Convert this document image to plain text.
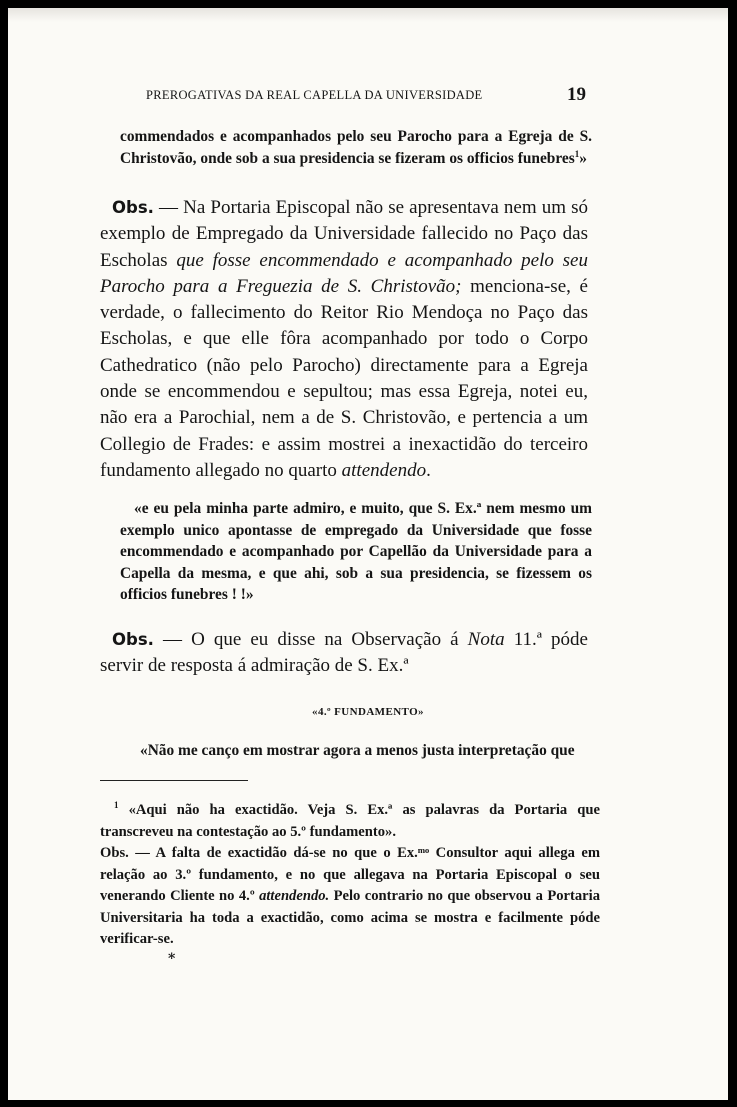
PREROGATIVAS DA REAL CAPELLA DA UNIVERSIDADE	19

commendados e acompanhados pelo seu Parocho para a Egreja de S. Christovão, onde sob a sua presidencia se fizeram os officios funebres$^1$»

Obs. — Na Portaria Episcopal não se apresentava nem um só exemplo de Empregado da Universidade fallecido no Paço das Escholas que fosse encommendado e acompanhado pelo seu Parocho para a Freguezia de S. Christovão; menciona-se, é verdade, o fallecimento do Reitor Rio Mendoça no Paço das Escholas, e que elle fôra acompanhado por todo o Corpo Cathedratico (não pelo Parocho) directamente para a Egreja onde se encommendou e sepultou; mas essa Egreja, notei eu, não era a Parochial, nem a de S. Christovão, e pertencia a um Collegio de Frades: e assim mostrei a inexactidão do terceiro fundamento allegado no quarto attendendo.

«e eu pela minha parte admiro, e muito, que S. Ex.ª nem mesmo um exemplo unico apontasse de empregado da Universidade que fosse encommendado e acompanhado por Capellão da Universidade para a Capella da mesma, e que ahi, sob a sua presidencia, se fizessem os officios funebres ! !»

Obs. — O que eu disse na Observação á Nota 11.ª póde servir de resposta á admiração de S. Ex.ª

«4.º FUNDAMENTO»
«Não me canço em mostrar agora a menos justa interpretação que

$^1$ «Aqui não ha exactidão. Veja S. Ex.ª as palavras da Portaria que transcreveu na contestação ao 5.º fundamento».

Obs. — A falta de exactidão dá-se no que o Ex.ᵐᵒ Consultor aqui allega em relação ao 3.º fundamento, e no que allegava na Portaria Episcopal o seu venerando Cliente no 4.º attendendo. Pelo contrario no que observou a Portaria Universitaria ha toda a exactidão, como acima se mostra e facilmente póde verificar-se.

*
